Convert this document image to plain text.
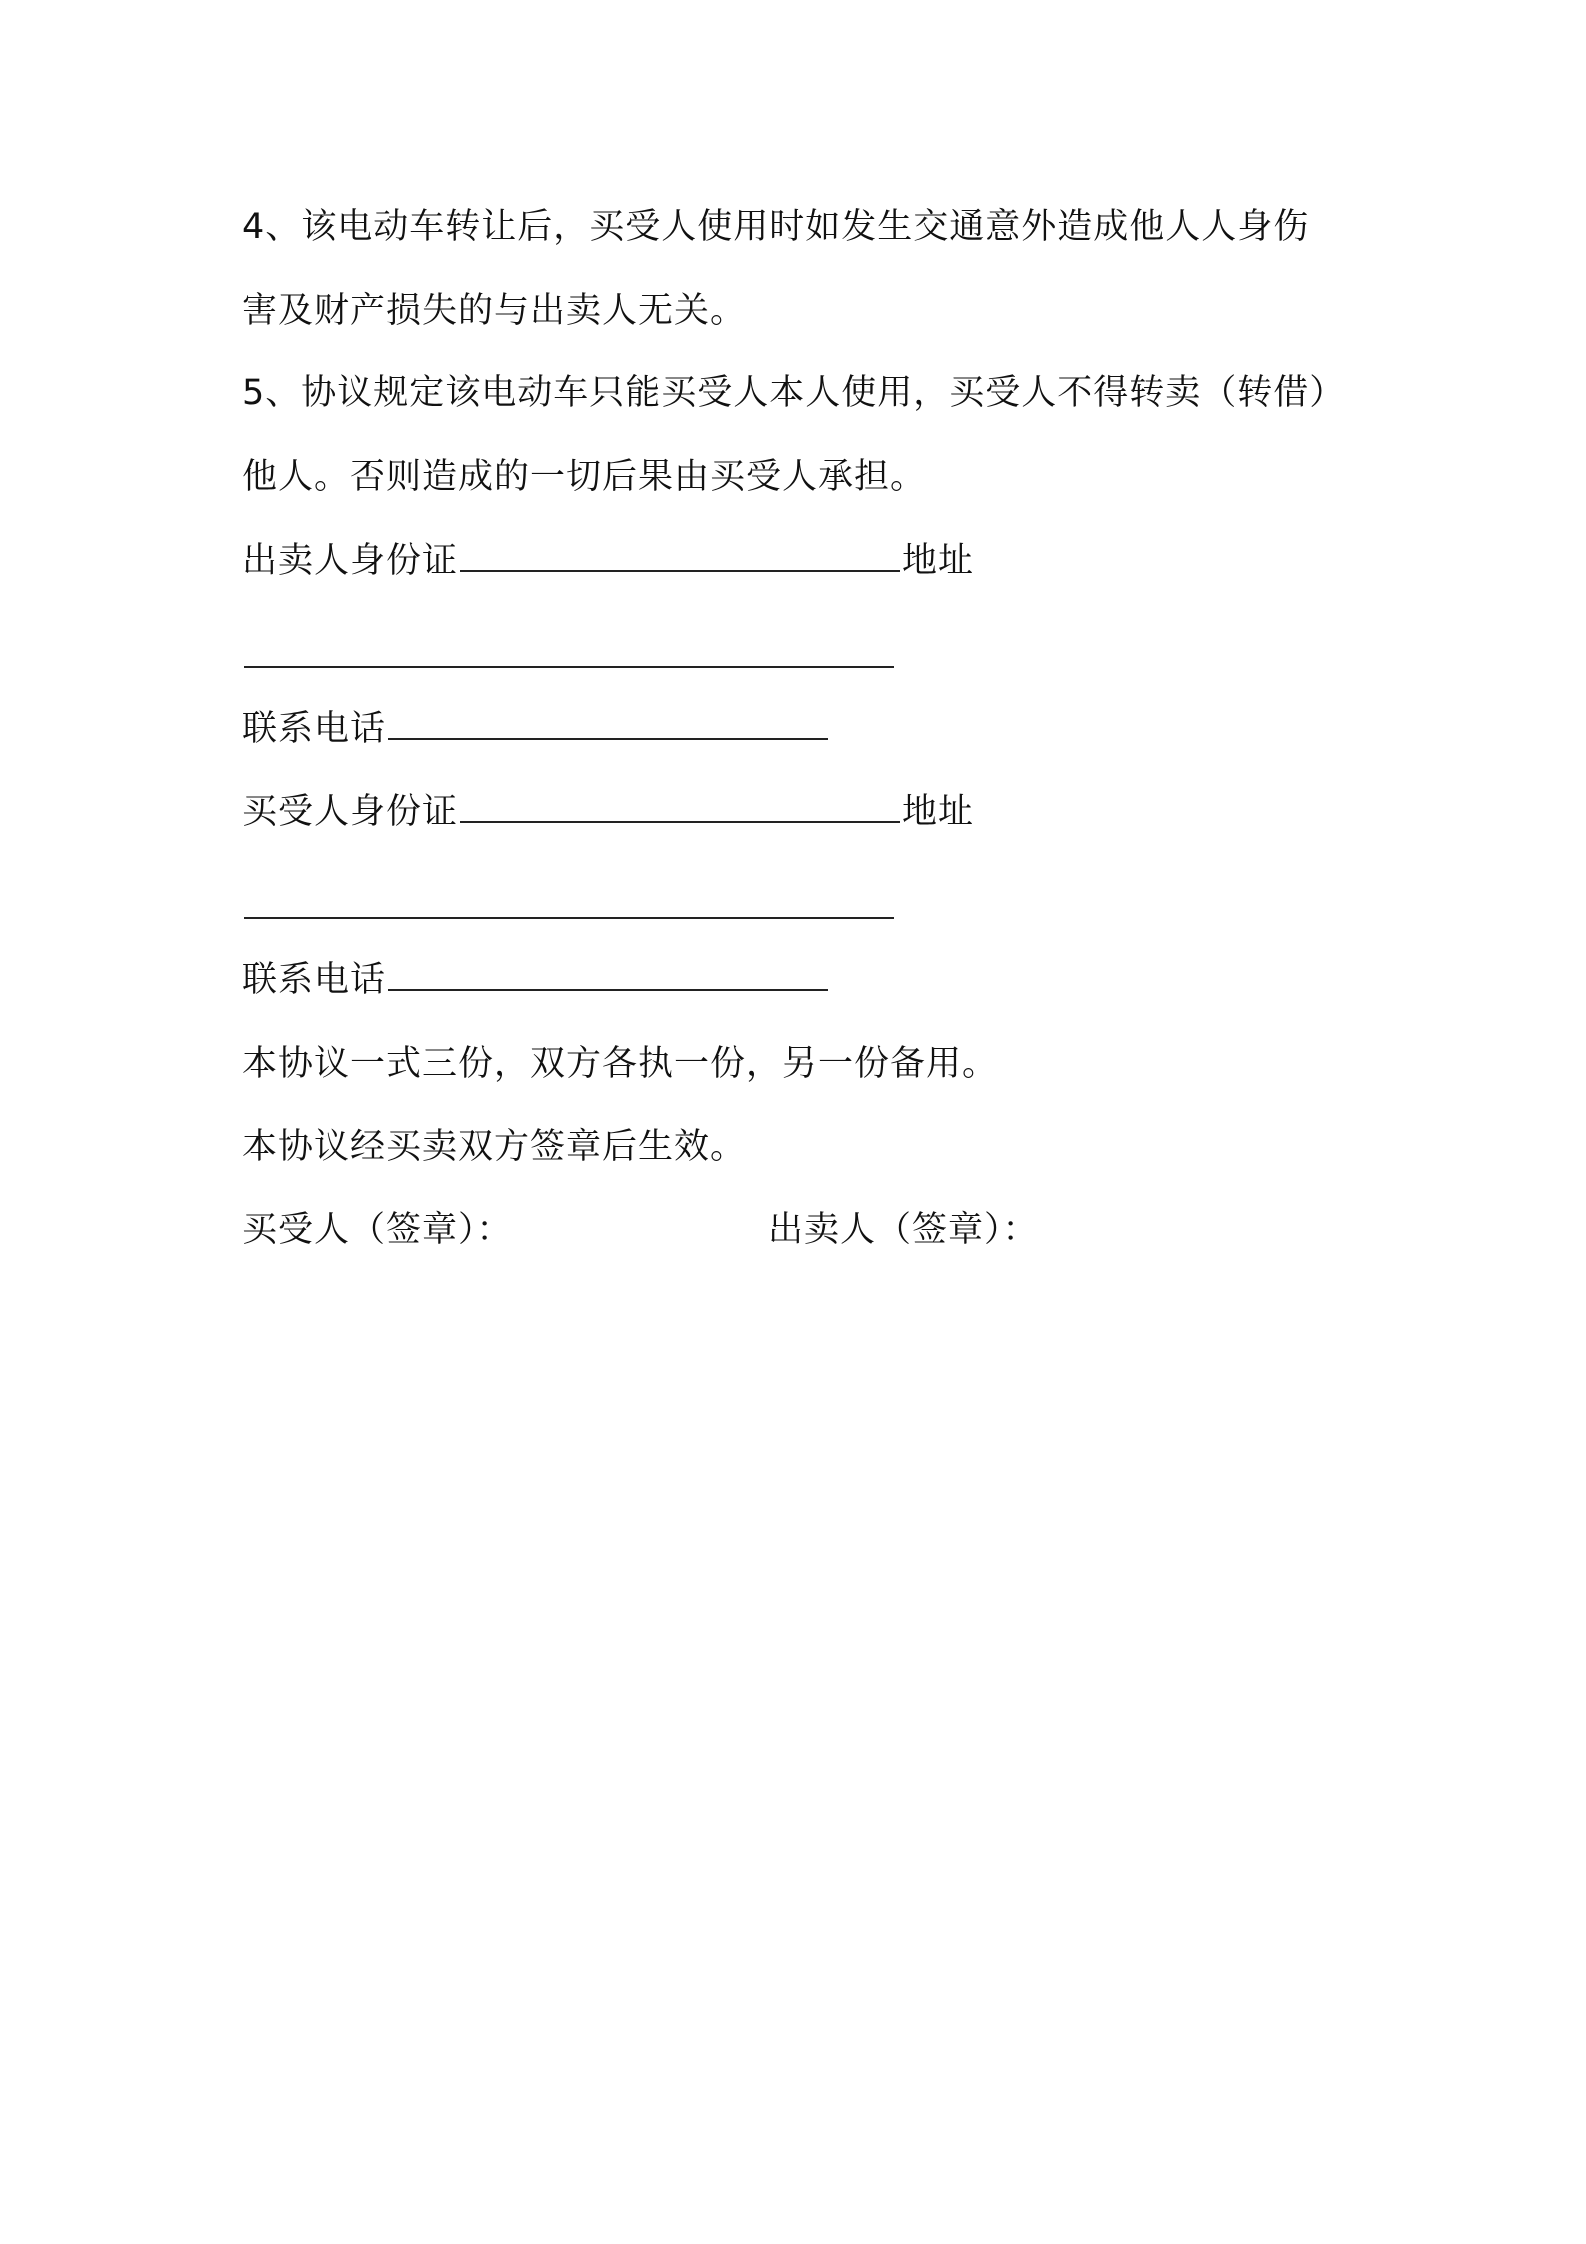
4、该电动车转让后，买受人使用时如发生交通意外造成他人人身伤
害及财产损失的与出卖人无关。
5、协议规定该电动车只能买受人本人使用，买受人不得转卖（转借）
他人。否则造成的一切后果由买受人承担。
出卖人身份证	地址
联系电话
买受人身份证	地址
联系电话
本协议一式三份，双方各执一份，另一份备用。
本协议经买卖双方签章后生效。
买受人（签章）：	出卖人（签章）：
